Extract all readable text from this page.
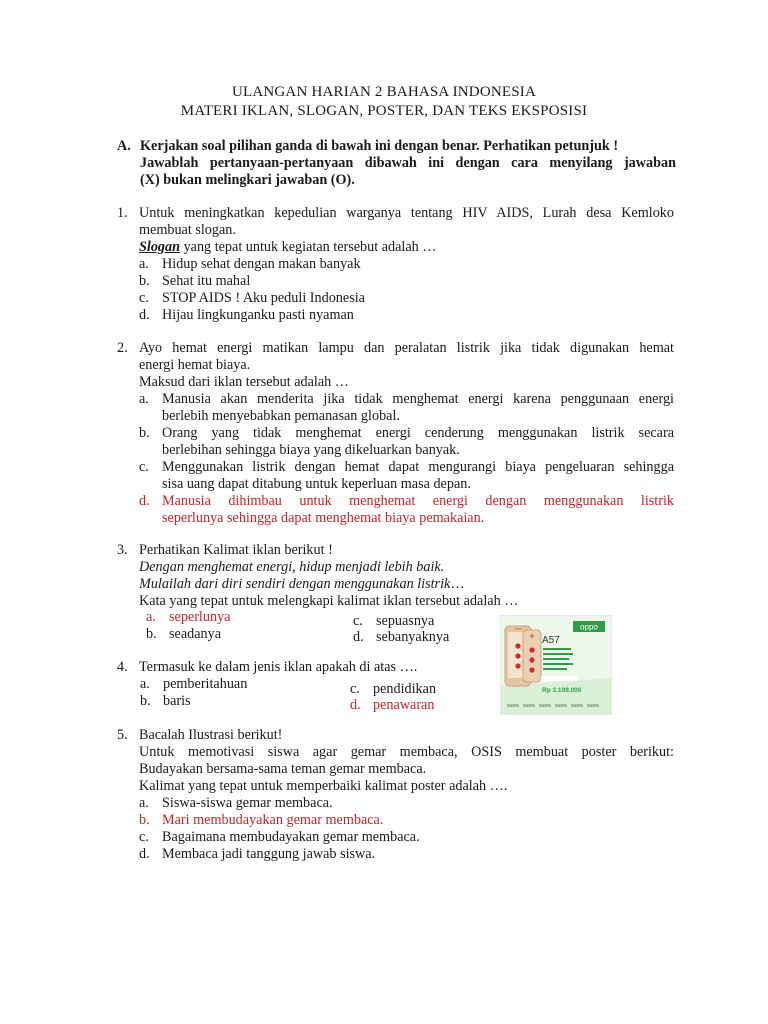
ULANGAN HARIAN 2 BAHASA INDONESIA
MATERI IKLAN, SLOGAN, POSTER, DAN TEKS EKSPOSISI
A. Kerjakan soal pilihan ganda di bawah ini dengan benar. Perhatikan petunjuk !
Jawablah pertanyaan-pertanyaan dibawah ini dengan cara menyilang jawaban
(X) bukan melingkari jawaban (O).
1. Untuk meningkatkan kepedulian warganya tentang HIV AIDS, Lurah desa Kemloko
membuat slogan.
Slogan yang tepat untuk kegiatan tersebut adalah …
a. Hidup sehat dengan makan banyak
b. Sehat itu mahal
c. STOP AIDS ! Aku peduli Indonesia
d. Hijau lingkunganku pasti nyaman
2. Ayo hemat energi matikan lampu dan peralatan listrik jika tidak digunakan hemat
energi hemat biaya.
Maksud dari iklan tersebut adalah …
a. Manusia akan menderita jika tidak menghemat energi karena penggunaan energi
berlebih menyebabkan pemanasan global.
b. Orang yang tidak menghemat energi cenderung menggunakan listrik secara
berlebihan sehingga biaya yang dikeluarkan banyak.
c. Menggunakan listrik dengan hemat dapat mengurangi biaya pengeluaran sehingga
sisa uang dapat ditabung untuk keperluan masa depan.
d. Manusia dihimbau untuk menghemat energi dengan menggunakan listrik
seperlunya sehingga dapat menghemat biaya pemakaian.
3. Perhatikan Kalimat iklan berikut !
Dengan menghemat energi, hidup menjadi lebih baik.
Mulailah dari diri sendiri dengan menggunakan listrik…
Kata yang tepat untuk melengkapi kalimat iklan tersebut adalah …
a. seperlunya
b. seadanya
c. sepuasnya
d. sebanyaknya
oppo
A57
Rp 3.199.000
4. Termasuk ke dalam jenis iklan apakah di atas ….
a. pemberitahuan
b. baris
c. pendidikan
d. penawaran
5. Bacalah Ilustrasi berikut!
Untuk memotivasi siswa agar gemar membaca, OSIS membuat poster berikut:
Budayakan bersama-sama teman gemar membaca.
Kalimat yang tepat untuk memperbaiki kalimat poster adalah ….
a. Siswa-siswa gemar membaca.
b. Mari membudayakan gemar membaca.
c. Bagaimana membudayakan gemar membaca.
d. Membaca jadi tanggung jawab siswa.
